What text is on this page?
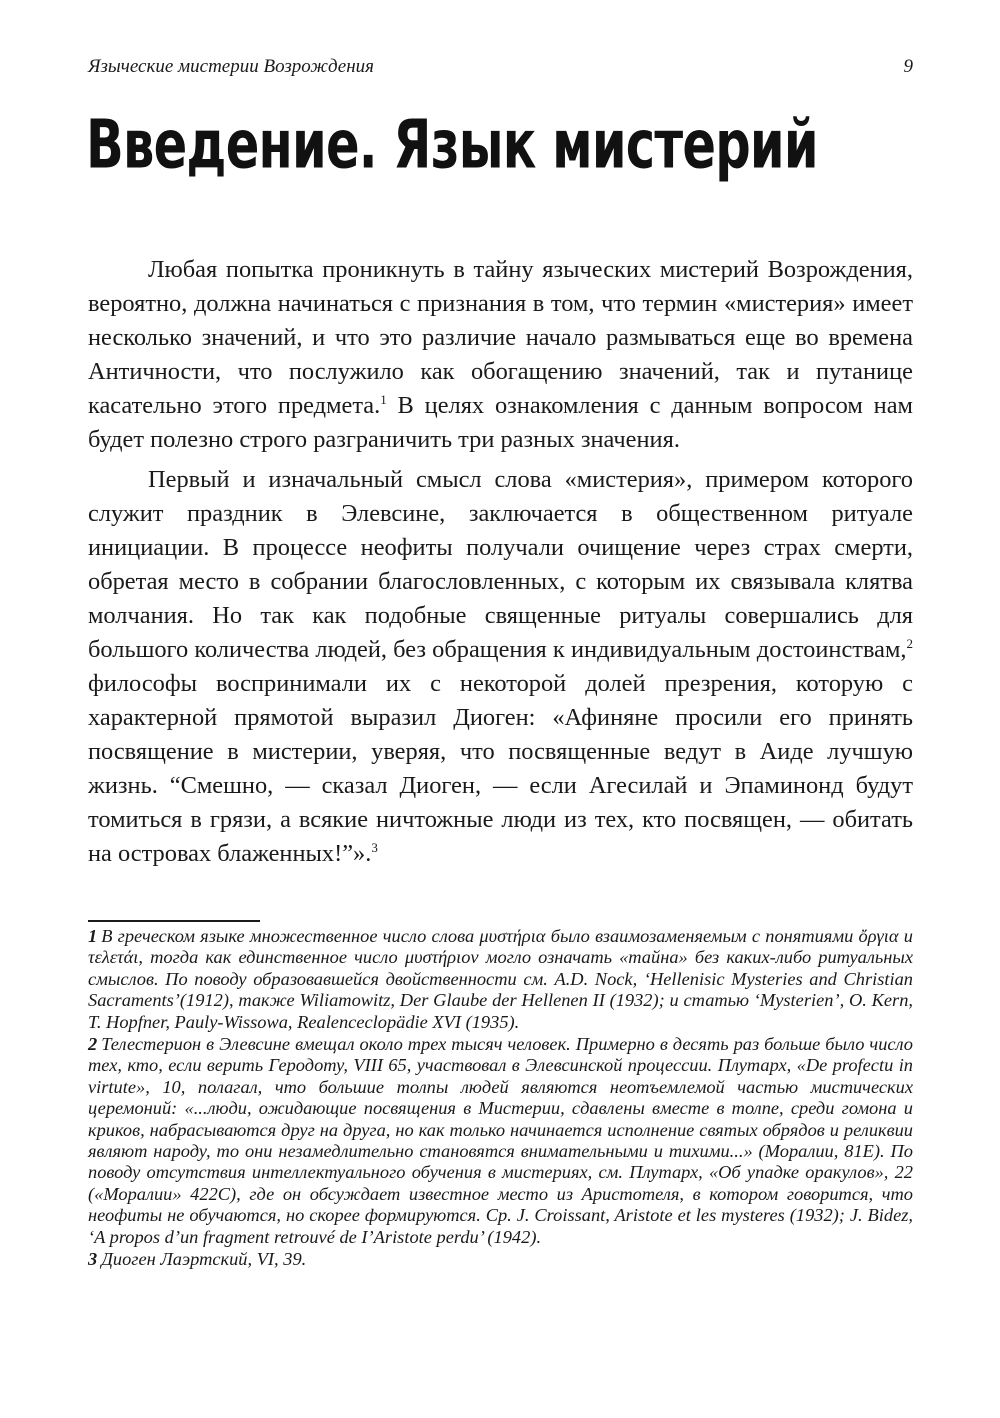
Языческие мистерии Возрождения	9
Введение. Язык мистерий

Любая попытка проникнуть в тайну языческих мистерий Возрождения, вероятно, должна начинаться с признания в том, что термин «мистерия» имеет несколько значений, и что это различие начало размываться еще во времена Античности, что послужило как обогащению значений, так и путанице касательно этого предмета.$^1$ В целях ознакомления с данным вопросом нам будет полезно строго разграничить три разных значения.

Первый и изначальный смысл слова «мистерия», примером которого служит праздник в Элевсине, заключается в общественном ритуале инициации. В процессе неофиты получали очищение через страх смерти, обретая место в собрании благословленных, с которым их связывала клятва молчания. Но так как подобные священные ритуалы совершались для большого количества людей, без обращения к индивидуальным достоинствам,$^2$ философы воспринимали их с некоторой долей презрения, которую с характерной прямотой выразил Диоген: «Афиняне просили его принять посвящение в мистерии, уверяя, что посвященные ведут в Аиде лучшую жизнь. “Смешно, — сказал Диоген, — если Агесилай и Эпаминонд будут томиться в грязи, а всякие ничтожные люди из тех, кто посвящен, — обитать на островах блаженных!”».$^3$

1 В греческом языке множественное число слова μυστήρια было взаимозаменяемым с понятиями ὄργια и τελετάι, тогда как единственное число μυστήριον могло означать «тайна» без каких-либо ритуальных смыслов. По поводу образовавшейся двойственности см. A.D. Nock, ‘Hellenisic Mysteries and Christian Sacraments’(1912), также Wiliamowitz, Der Glaube der Hellenen II (1932); и статью ‘Mysterien’, O. Kern, T. Hopfner, Pauly-Wissowa, Realenceclopädie XVI (1935).

2 Телестерион в Элевсине вмещал около трех тысяч человек. Примерно в десять раз больше было число тех, кто, если верить Геродоту, VIII 65, участвовал в Элевсинской процессии. Плутарх, «De profectu in virtute», 10, полагал, что большие толпы людей являются неотъемлемой частью мистических церемоний: «...люди, ожидающие посвящения в Мистерии, сдавлены вместе в толпе, среди гомона и криков, набрасываются друг на друга, но как только начинается исполнение святых обрядов и реликвии являют народу, то они незамедлительно становятся внимательными и тихими...» (Моралии, 81E). По поводу отсутствия интеллектуального обучения в мистериях, см. Плутарх, «Об упадке оракулов», 22 («Моралии» 422C), где он обсуждает известное место из Аристотеля, в котором говорится, что неофиты не обучаются, но скорее формируются. Cp. J. Croissant, Aristote et les mysteres (1932); J. Bidez, ‘A propos d’un fragment retrouvé de I’Aristote perdu’ (1942).

3 Диоген Лаэртский, VI, 39.
